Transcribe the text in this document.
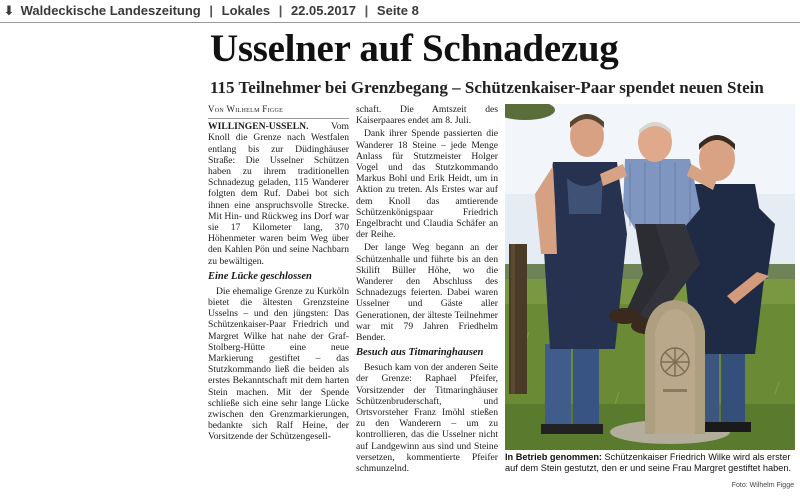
⬇ Waldeckische Landeszeitung | Lokales | 22.05.2017 | Seite 8
Usselner auf Schnadezug
115 Teilnehmer bei Grenzbegang – Schützenkaiser-Paar spendet neuen Stein

Von Wilhelm Figge

WILLINGEN-USSELN. Vom Knoll die Grenze nach Westfalen entlang bis zur Düdinghäuser Straße: Die Usselner Schützen haben zu ihrem traditionellen Schnadezug geladen, 115 Wanderer folgten dem Ruf. Dabei bot sich ihnen eine anspruchsvolle Strecke. Mit Hin- und Rückweg ins Dorf war sie 17 Kilometer lang, 370 Höhenmeter waren beim Weg über den Kahlen Pön und seine Nachbarn zu bewältigen.

Eine Lücke geschlossen

Die ehemalige Grenze zu Kurköln bietet die ältesten Grenzsteine Usselns – und den jüngsten: Das Schützenkaiser-Paar Friedrich und Margret Wilke hat nahe der Graf-Stolberg-Hütte eine neue Markierung gestiftet – das Stutzkommando ließ die beiden als erstes Bekanntschaft mit dem harten Stein machen. Mit der Spende schließe sich eine sehr lange Lücke zwischen den Grenzmarkierungen, bedankte sich Ralf Heine, der Vorsitzende der Schützengesell-

schaft. Die Amtszeit des Kaiserpaares endet am 8. Juli.

Dank ihrer Spende passierten die Wanderer 18 Steine – jede Menge Anlass für Stutzmeister Holger Vogel und das Stutzkommando Markus Bohl und Erik Heidt, um in Aktion zu treten. Als Erstes war auf dem Knoll das amtierende Schützenkönigspaar Friedrich Engelbracht und Claudia Schäfer an der Reihe.

Der lange Weg begann an der Schützenhalle und führte bis an den Skilift Büller Höhe, wo die Wanderer den Abschluss des Schnadezugs feierten. Dabei waren Usselner und Gäste aller Generationen, der älteste Teilnehmer war mit 79 Jahren Friedhelm Bender.

Besuch aus Titmaringhausen

Besuch kam von der anderen Seite der Grenze: Raphael Pfeifer, Vorsitzender der Titmaringhäuser Schützenbruderschaft, und Ortsvorsteher Franz Imöhl stießen zu den Wanderern – um zu kontrollieren, das die Usselner nicht auf Landgewinn aus sind und Steine versetzen, kommentierte Pfeifer schmunzelnd.

In Betrieb genommen: Schützenkaiser Friedrich Wilke wird als erster auf dem Stein gestutzt, den er und seine Frau Margret gestiftet haben.
Foto: Wilhelm Figge
